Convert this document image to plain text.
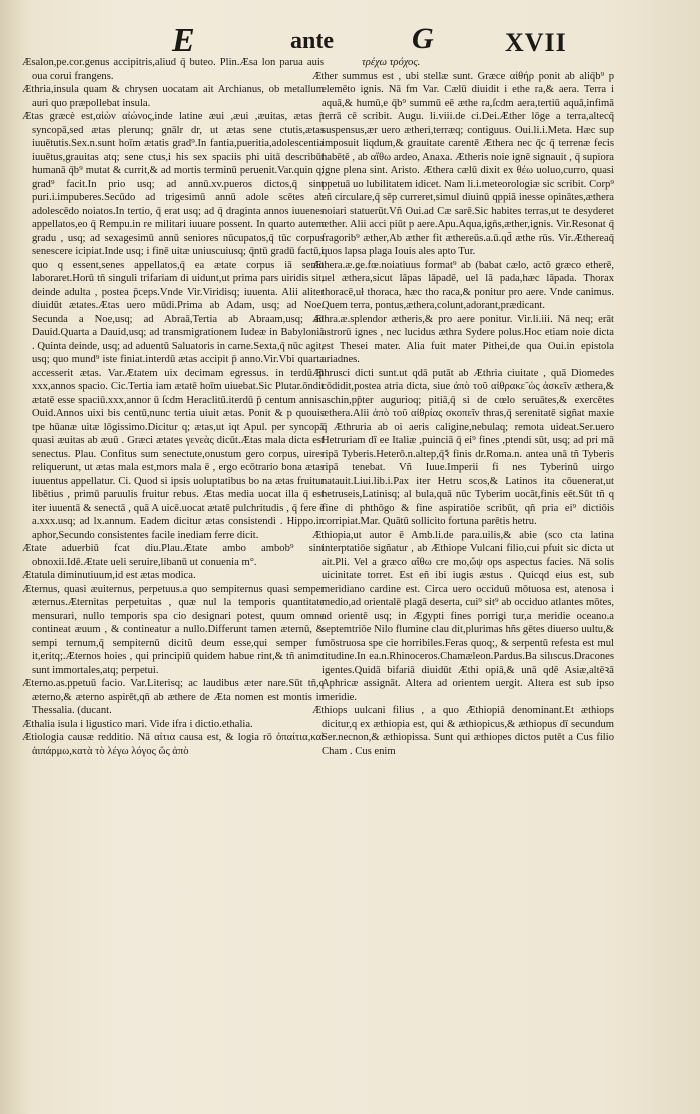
E	ante	G	XVII

Æsalon,pe.cor.genus accipitris,aliud q̄ buteo. Plin.Æsa lon parua auis oua corui frangens.

Æthria,insula quam & chrysen uocatam ait Archianus, ob metallum auri quo præpollebat insula.

Ætas græcè est,αἰὼν αἰώνος,inde latine æui ,æui ,æuitas, ætas p̄ syncopā,sed ætas plerunq; gnālr dr, ut ætas sene ctutis,ætas iuuētutis.Sex.n.sunt hoīm ætatis grad⁹.In fantia,pueritia,adolescentia iuuētus,grauitas atq; sene ctus,i his sex spaciis phi uitā describūt humanā q̄b⁹ mutat & currit,& ad mortis terminū peruenit.Var.quin q; grad⁹ facit.In prio usq; ad annū.xv.pueros dictos,q̄ sint puri.i.impuberes.Secūdo ad trigesimū annū adole scētes ab adolescēdo noiatos.In tertio, q̄ erat usq; ad q̄ draginta annos iuuenes appellatos,eo q̄ Rempu.in re militari iuuare possent. In quarto autem gradu , usq; ad sexagesimū annū seniores nūcupatos,q̄ tūc corpus senescere icipiat.Inde usq; i finē uitæ uniuscuiusq; q̄ntū gradū factū,i quo q essent,senes appellatos,q̄ ea ætate corpus iā senio laboraret.Horū tn̄ singuli trifariam di uidunt,ut prima pars uiridis sit, deinde adulta , postea p̄ceps.Vnde Vir.Viridisq; iuuenta. Alii aliter diuidūt ætates.Ætas uero mūdi.Prima ab Adam, usq; ad Noe. Secunda a Noe,usq; ad Abraā,Tertia ab Abraam,usq; ad Dauid.Quarta a Dauid,usq; ad transmigrationem Iudeæ in Babyloniā . Quinta deinde, usq; ad aduentū Saluatoris in carne.Sexta,q̄ nūc agit, usq; quo mund⁹ iste finiat.interdū ætas accipit p̄ anno.Vir.Vbi quarta accesserit ætas. Var.Ætatem uix decimam egressus. in terdū p̄ xxx,annos spacio. Cic.Tertia iam ætatē hoīm uiuebat.Sic Plutar.ōndit ætatē esse spaciū.xxx,annor ū ſcdm Heraclitū.iterdū p̄ centum annis. Ouid.Annos uixi bis centū,nunc tertia uiuit ætas. Ponit & p quouis tpe hūanæ uitæ lōgissimo.Dicitur q; ætas,ut iqt Apul. per syncopā quasi æuitas ab æuū . Græci ætates γενεὰς dicūt.Ætas mala dicta est senectus. Plau. Confitus sum senectute,onustum gero corpus, uires reliquerunt, ut ætas mala est,mors mala ē , ergo ecōtrario bona ætas iuuentus appellatur. Ci. Quod si ipsis uoluptatibus bo na ætas fruitur libētius , primū paruulis fruitur rebus. Ætas media uocat illa q̄ est iter iuuentā & senectā , quā A uicē.uocat ætatē pulchritudis , q̄ fere ē a.xxx.usq; ad lx.annum. Eadem dicitur ætas consistendi . Hippo.in aphor,Secundo consistentes facile inediam ferre dicit.

Ætate aduerbiū fcat diu.Plau.Ætate ambo ambob⁹ sint obnoxii.Idē.Ætate ueli seruire,libanū ut conuenia m°.

Ætatula diminutiuum,id est ætas modica.

Æternus, quasi æuiternus, perpetuus.a quo sempiternus quasi semper æternus.Æternitas perpetuitas , quæ nul la temporis quantitate mensurari, nullo temporis spa cio designari potest, quum omne contineat æuum , & contineatur a nullo.Differunt tamen æternū, & sempi ternum,q̄ sempiternū dicitŭ deum esse,qui semper fu it,eritq;.Æternos hoies , qui principiū quidem habue rint,& tñ animo sunt immortales,atq; perpetui.

Æterno.as.ppetuū facio. Var.Literisq; ac laudibus æter nare.Sūt tn̄,q æterno,& æterno aspirēt,qn̄ ab æthere de Æta nomen est montis in Thessalia. (ducant.

Æthalia isula i ligustico mari. Vide ifra i dictio.ethalia.

Ætiologia causæ redditio. Nā αἰτια causa est, & logia rō ὀπαίτια,καὶ ἁιπάρμω,κατὰ τὸ λέγω λόγος ὥς ἀπὸ

τρέχω τρόχος.

Æther summus est , ubi stellæ sunt. Græce αἰθήρ ponit ab aliq̄b⁹ p elemēto ignis. Nā fm Var. Cælū diuidit i ethe ra,& aera. Terra i aquā,& humū,e q̄b⁹ summū eē æthe ra,ſcdm aera,tertiū aquā,infimā terrā cē scribit. Augu. li.viii.de ci.Dei.Æther lōge a terra,altecq̄ suspensus,ær uero ætheri,terræq; contiguus. Oui.li.i.Meta. Hæc sup imposuit liqdum,& grauitate carentē Æthera nec q̄c q̄ terrenæ fecis habētē , ab αἴθω ardeo, Anaxa. Ætheris noie ignē signauit , q̄ supiora igne plena sint. Aristo. Æthera cælū dixit ex θέω uoluo,curro, quasi ppetuā uo lubilitatem idicet. Nam li.i.meteorologiæ sic scribit. Corp⁹ eñ circulare,q̄ sēp curreret,simul diuinū qppiā inesse opinātes,æthera noiari statuerūt.Vñ Oui.ad Cæ sarē.Sic habites terras,ut te desyderet æther. Alii acci piūt p aere.Apu.Aqua,ign̄s,æther,ignis. Vir.Resonat q̄ fragorib⁹ æther,Ab æther fit æthereūs.a.ū.qd̄ æthe rūs. Vir.Æthereaq̄ quos lapsa plaga Iouis ales apto Tur.

Æthera.æ.ge.fœ.noiatiuus format⁹ ab (babat cælo, actō græco etherē, uel æthera,sicut lāpas lāpadē, uel lā pada,hæc lāpada. Thorax thoracē,uł thoraca, hæc tho raca,& ponitur pro aere. Vnde canimus. Quem terra, pontus,æthera,colunt,adorant,prædicant.

Æthra.æ.splendor ætheris,& pro aere ponitur. Vir.li.iii. Nā neq; erāt astrorū ignes , nec lucidus æthra Sydere polus.Hoc etiam noie dicta est Thesei mater. Alia fuit mater Pithei,de qua Oui.in epistola ariadnes.

Æthrusci dicti sunt.ut qdā putāt ab Æthria ciuitate , quā Diomedes cōdidit,postea atria dicta, siue ἀπὸ τοῦ αἰθρακε̃ ὡς ἀσκεῖν æthera,& aschin,pp̄ter augurioq; pitiā,q̄ si de cœlo seruātes,& exercētes æthera.Alii ἀπὸ τοῦ αἰθρίας σκοπεῖν thras,q̄ serenitatē sigñat maxie q̄ Æthruria ab oi aeris caligine,nebulaq; remota uideat.Ser.uero Hetruriam dī ee Italiæ ,puinciā q̄ ei⁹ fines ,ptendi sūt, usq; ad pri mā ripā Tyberis.Heterō.n.altep,q̄ꝛ̄ finis dr.Roma.n. antea unā tñ Tyberis ripā tenebat. Vñ Iuue.Imperii fi nes Tyberinū uirgo natauit.Liui.lib.i.Pax iter Hetru scos,& Latinos ita cōuenerat,ut hetruseis,Latinisq; al bula,quā nūc Tyberim uocāt,finis eēt.Sūt tñ q fine di phthōgo & fine aspiratiōe scribūt, qñ pria ei⁹ dictiōis corripiat.Mar. Quātū sollicito fortuna parētis hetru.

Æthiopia,ut autor ē Amb.li.de para.uilis,& abie (sco cta latina interptatiōe sigñatur , ab Æthiope Vulcani filio,cui pfuit sic dicta ut ait.Pli. Vel a græco αἴθω cre mo,ὤψ ops aspectus facies. Nā solis uicinitate torret. Est eñ ibi iugis æstus . Quicqd eius est, sub meridiano cardine est. Circa uero occiduū mōtuosa est, atenosa i medio,ad orientalē plagā deserta, cui⁹ sit⁹ ab occiduo atlantes mōtes, ad orientē usq; in Ægypti fines porrigi tur,a meridie oceano.a septemtriōe Nilo flumine clau dit,plurimas hñs gētes diuerso uultu,& mōstruosa spe cie horribiles.Feras quoq;, & serpentū refesta est mul titudine.In ea.n.Rhinoceros.Chamæleon.Pardus.Ba silıscus.Dracones igentes.Quidā bifariā diuidūt Æthi opiā,& unā qdē Asiæ,altēꝛā Aphricæ assignāt. Altera ad orientem uergit. Altera est sub ipso meridie.

Æthiops uulcani filius , a quo Æthiopiā denominant.Et æthiops dicitur,q ex æthiopia est, qui & æthiopicus,& æthiopus dī secundum Ser.necnon,& æthiopissa. Sunt qui æthiopes dictos putēt a Cus filio Cham . Cus enim
